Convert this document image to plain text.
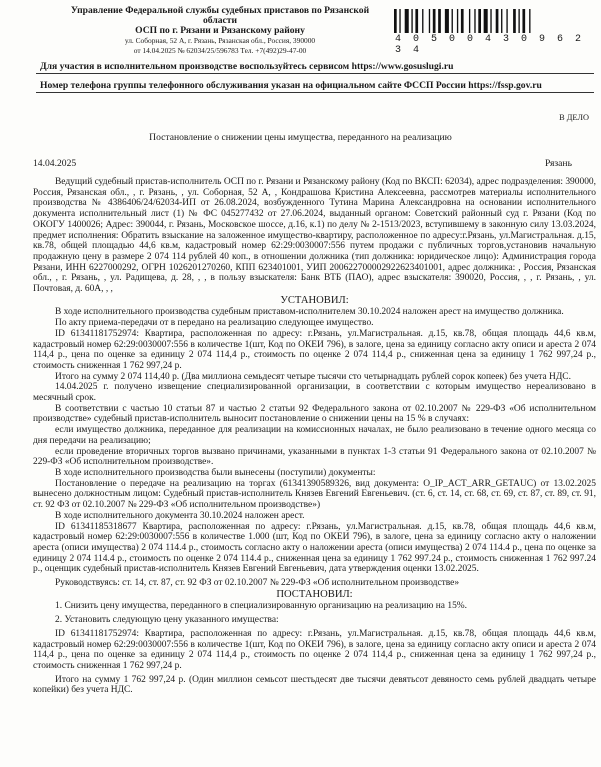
Управление Федеральной службы судебных приставов по Рязанской области
ОСП по г. Рязани и Рязанскому району
ул. Соборная, 52 А, г. Рязань, Рязанская обл., Россия, 390000
от 14.04.2025 № 62034/25/596783 Тел. +7(492)29-47-00
4 0 5 0 0 4 3 0 9 6 2 3 4
Для участия в исполнительном производстве воспользуйтесь сервисом https://www.gosuslugi.ru
Номер телефона группы телефонного обслуживания указан на официальном сайте ФССП России https://fssp.gov.ru
В ДЕЛО
Постановление о снижении цены имущества, переданного на реализацию
14.04.2025	Рязань

Ведущий судебный пристав-исполнитель ОСП по г. Рязани и Рязанскому району (Код по ВКСП: 62034), адрес подразделения: 390000, Россия, Рязанская обл., , г. Рязань, , ул. Соборная, 52 А, , Кондрашова Кристина Алексеевна, рассмотрев материалы исполнительного производства № 4386406/24/62034-ИП от 26.08.2024, возбужденного Тутина Марина Александровна на основании исполнительного документа исполнительный лист (1) № ФС 045277432 от 27.06.2024, выданный органом: Советский районный суд г. Рязани (Код по ОКОГУ 1400026; Адрес: 390044, г. Рязань, Московское шоссе, д.16, к.1) по делу № 2-1513/2023, вступившему в законную силу 13.03.2024, предмет исполнения: Обратить взыскание на заложенное имущество-квартиру, расположенное по адресу:г.Рязань, ул.Магистральная. д.15, кв.78, общей площадью 44,6 кв.м, кадастровый номер 62:29:0030007:556 путем продажи с публичных торгов,установив начальную продажную цену в размере 2 074 114 рублей 40 коп., в отношении должника (тип должника: юридическое лицо): Администрация города Рязани, ИНН 6227000292, ОГРН 1026201270260, КПП 623401001, УИП 200622700002922623401001, адрес должника: , Россия, Рязанская обл., , г. Рязань, , ул. Радищева, д. 28, , , в пользу взыскателя: Банк ВТБ (ПАО), адрес взыскателя: 390020, Россия, , , г. Рязань, , ул. Почтовая, д. 60А, , ,

УСТАНОВИЛ:

В ходе исполнительного производства судебным приставом-исполнителем 30.10.2024 наложен арест на имущество должника.

По акту приема-передачи от в передано на реализацию следующее имущество.

ID 61341181752974: Квартира, расположенная по адресу: г.Рязань, ул.Магистральная. д.15, кв.78, общая площадь 44,6 кв.м, кадастровый номер 62:29:0030007:556 в количестве 1(шт, Код по ОКЕИ 796), в залоге, цена за единицу согласно акту описи и ареста 2 074 114,4 р., цена по оценке за единицу 2 074 114,4 р., стоимость по оценке 2 074 114,4 р., сниженная цена за единицу 1 762 997,24 р., стоимость сниженная 1 762 997,24 р.

Итого на сумму 2 074 114,40 р. (Два миллиона семьдесят четыре тысячи сто четырнадцать рублей сорок копеек) без учета НДС.

14.04.2025 г. получено извещение специализированной организации, в соответствии с которым имущество нереализовано в месячный срок.

В соответствии с частью 10 статьи 87 и частью 2 статьи 92 Федерального закона от 02.10.2007 № 229-ФЗ «Об исполнительном производстве» судебный пристав-исполнитель выносит постановление о снижении цены на 15 % в случаях:

если имущество должника, переданное для реализации на комиссионных началах, не было реализовано в течение одного месяца со дня передачи на реализацию;

если проведение вторичных торгов вызвано причинами, указанными в пунктах 1-3 статьи 91 Федерального закона от 02.10.2007 № 229-ФЗ «Об исполнительном производстве».

В ходе исполнительного производства были вынесены (поступили) документы:

Постановление о передаче на реализацию на торгах (61341390589326, вид документа: O_IP_ACT_ARR_GETAUC) от 13.02.2025 вынесено должностным лицом: Судебный пристав-исполнитель Князев Евгений Евгеньевич. (ст. 6, ст. 14, ст. 68, ст. 69, ст. 87, ст. 89, ст. 91, ст. 92 ФЗ от 02.10.2007 № 229-ФЗ «Об исполнительном производстве»)

В ходе исполнительного документа 30.10.2024 наложен арест.

ID 61341185318677 Квартира, расположенная по адресу: г.Рязань, ул.Магистральная. д.15, кв.78, общая площадь 44,6 кв.м, кадастровый номер 62:29:0030007:556 в количестве 1.000 (шт, Код по ОКЕИ 796), в залоге, цена за единицу согласно акту о наложении ареста (описи имущества) 2 074 114.4 р., стоимость согласно акту о наложении ареста (описи имущества) 2 074 114.4 р., цена по оценке за единицу 2 074 114.4 р., стоимость по оценке 2 074 114.4 р., сниженная цена за единицу 1 762 997.24 р., стоимость сниженная 1 762 997.24 р., оценщик судебный пристав-исполнитель Князев Евгений Евгеньевич, дата утверждения оценки 13.02.2025.

Руководствуясь: ст. 14, ст. 87, ст. 92 ФЗ от 02.10.2007 № 229-ФЗ «Об исполнительном производстве»

ПОСТАНОВИЛ:

1. Снизить цену имущества, переданного в специализированную организацию на реализацию на 15%.

2. Установить следующую цену указанного имущества:

ID 61341181752974: Квартира, расположенная по адресу: г.Рязань, ул.Магистральная. д.15, кв.78, общая площадь 44,6 кв.м, кадастровый номер 62:29:0030007:556 в количестве 1(шт, Код по ОКЕИ 796), в залоге, цена за единицу согласно акту описи и ареста 2 074 114,4 р., цена по оценке за единицу 2 074 114,4 р., стоимость по оценке 2 074 114,4 р., сниженная цена за единицу 1 762 997,24 р., стоимость сниженная 1 762 997,24 р.

Итого на сумму 1 762 997,24 р. (Один миллион семьсот шестьдесят две тысячи девятьсот девяносто семь рублей двадцать четыре копейки) без учета НДС.
